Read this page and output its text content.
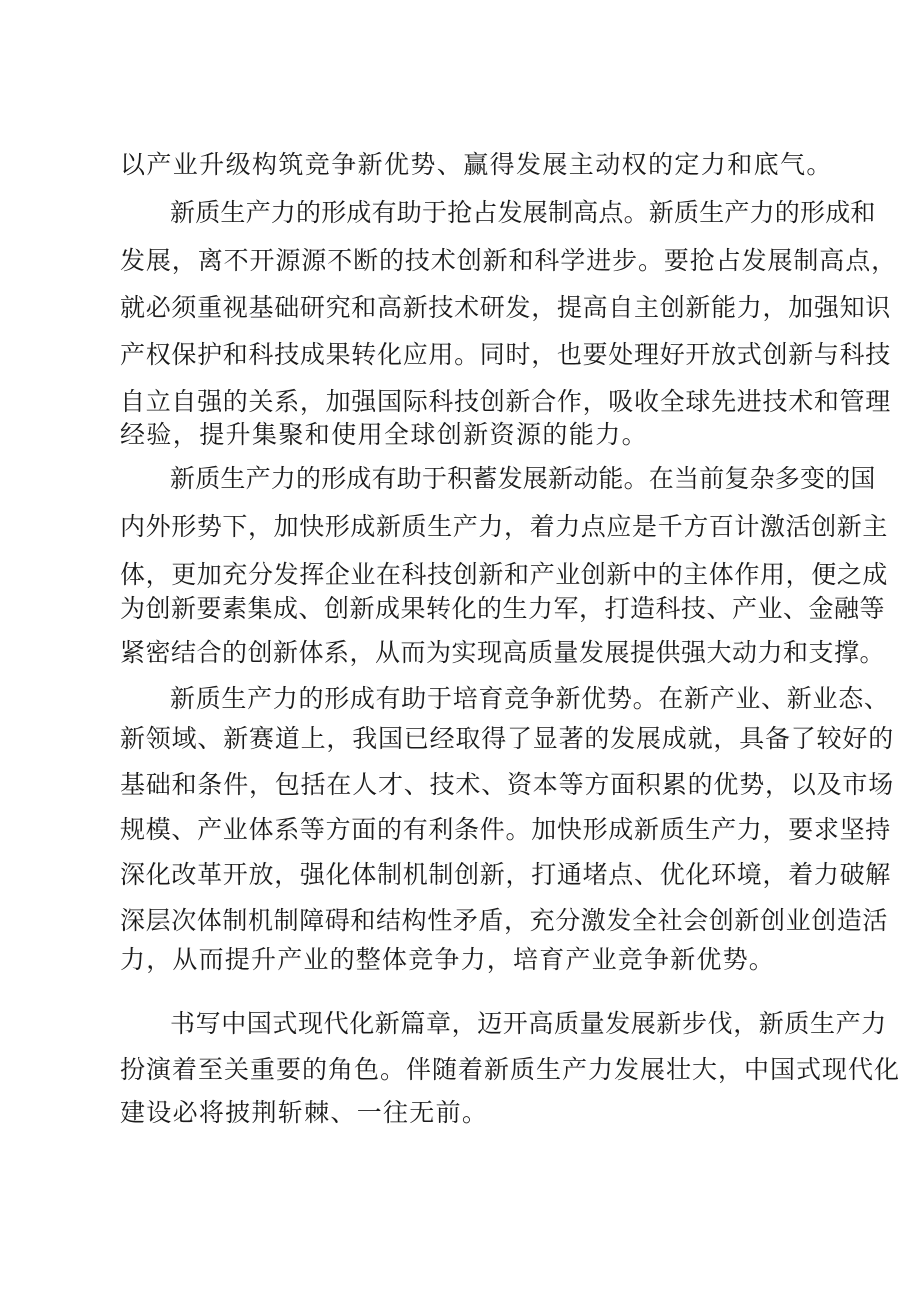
以产业升级构筑竞争新优势、赢得发展主动权的定力和底气。
新质生产力的形成有助于抢占发展制高点。新质生产力的形成和
发展，离不开源源不断的技术创新和科学进步。要抢占发展制高点，
就必须重视基础研究和高新技术研发，提高自主创新能力，加强知识
产权保护和科技成果转化应用。同时，也要处理好开放式创新与科技
自立自强的关系，加强国际科技创新合作，吸收全球先进技术和管理
经验，提升集聚和使用全球创新资源的能力。
新质生产力的形成有助于积蓄发展新动能。在当前复杂多变的国
内外形势下，加快形成新质生产力，着力点应是千方百计激活创新主
体，更加充分发挥企业在科技创新和产业创新中的主体作用，便之成
为创新要素集成、创新成果转化的生力军，打造科技、产业、金融等
紧密结合的创新体系，从而为实现高质量发展提供强大动力和支撑。
新质生产力的形成有助于培育竞争新优势。在新产业、新业态、
新领域、新赛道上，我国已经取得了显著的发展成就，具备了较好的
基础和条件，包括在人才、技术、资本等方面积累的优势，以及市场
规模、产业体系等方面的有利条件。加快形成新质生产力，要求坚持
深化改革开放，强化体制机制创新，打通堵点、优化环境，着力破解
深层次体制机制障碍和结构性矛盾，充分激发全社会创新创业创造活
力，从而提升产业的整体竞争力，培育产业竞争新优势。
书写中国式现代化新篇章，迈开高质量发展新步伐，新质生产力
扮演着至关重要的角色。伴随着新质生产力发展壮大，中国式现代化
建设必将披荆斩棘、一往无前。
